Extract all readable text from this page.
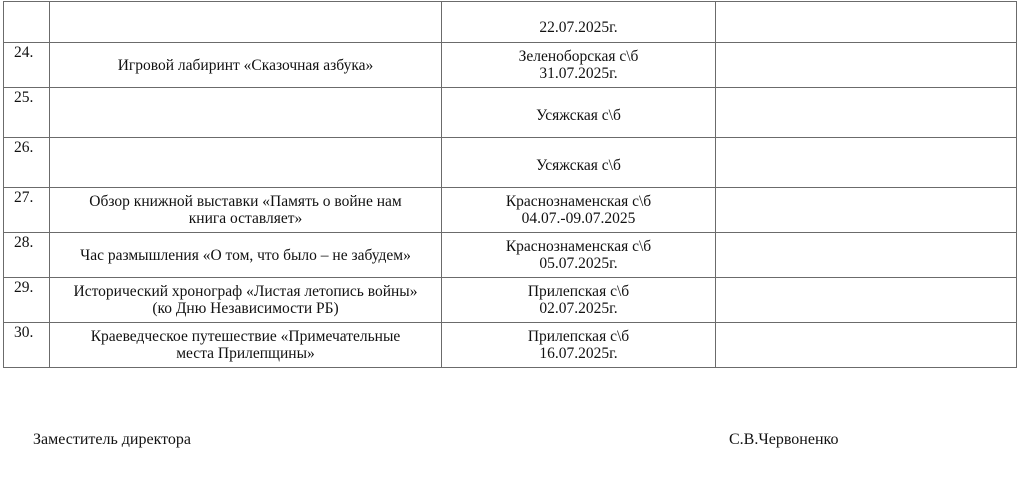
		22.07.2025г.	

24.	Игровой лабиринт «Сказочная азбука»	Зеленоборская с\б
31.07.2025г.	

25.		Усяжская с\б	

26.		Усяжская с\б	

27.	Обзор книжной выставки «Память о войне нам
книга оставляет»	Краснознаменская с\б
04.07.-09.07.2025	

28.	Час размышления «О том, что было – не забудем»	Краснознаменская с\б
05.07.2025г.	

29.	Исторический хронограф «Листая летопись войны»
(ко Дню Независимости РБ)	Прилепская с\б
02.07.2025г.	

30.	Краеведческое путешествие «Примечательные
места Прилепщины»	Прилепская с\б
16.07.2025г.	

Заместитель директора	С.В.Червоненко
